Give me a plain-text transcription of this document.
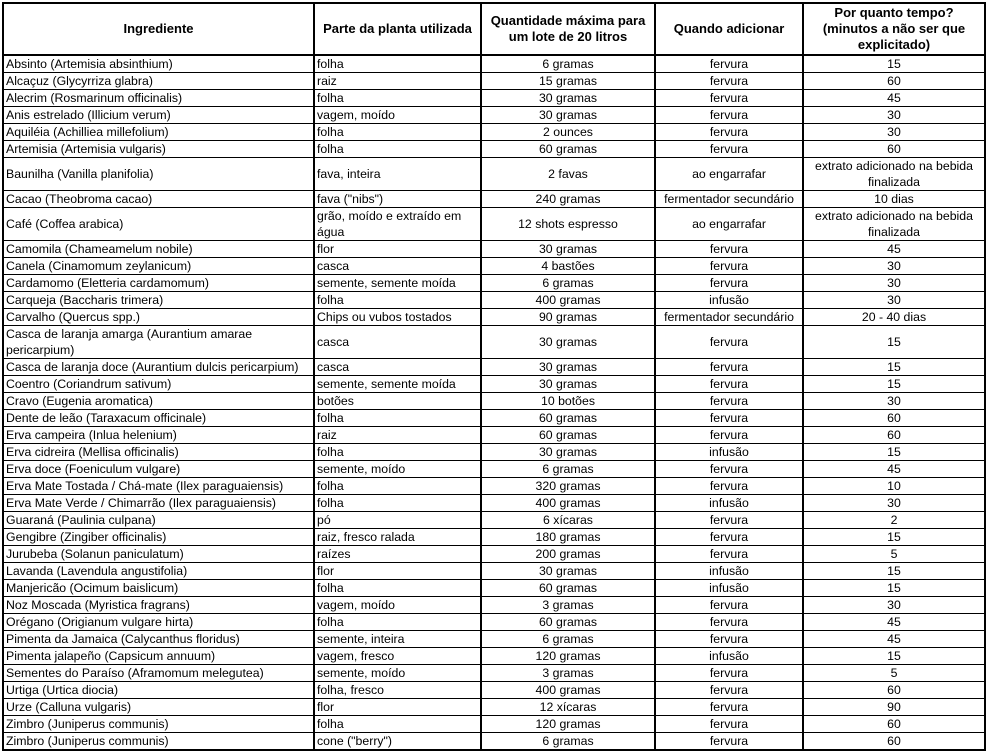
Ingrediente	Parte da planta utilizada	Quantidade máxima para um lote de 20 litros	Quando adicionar	Por quanto tempo? (minutos a não ser que explicitado)
Absinto (Artemisia absinthium)	folha	6 gramas	fervura	15
Alcaçuz (Glycyrriza glabra)	raiz	15 gramas	fervura	60
Alecrim (Rosmarinum officinalis)	folha	30 gramas	fervura	45
Anis estrelado (Illicium verum)	vagem, moído	30 gramas	fervura	30
Aquiléia (Achilliea millefolium)	folha	2 ounces	fervura	30
Artemisia (Artemisia vulgaris)	folha	60 gramas	fervura	60
Baunilha (Vanilla planifolia)	fava, inteira	2 favas	ao engarrafar	extrato adicionado na bebida finalizada
Cacao (Theobroma cacao)	fava ("nibs")	240 gramas	fermentador secundário	10 dias
Café (Coffea arabica)	grão, moído e extraído em água	12 shots espresso	ao engarrafar	extrato adicionado na bebida finalizada
Camomila (Chameamelum nobile)	flor	30 gramas	fervura	45
Canela (Cinamomum zeylanicum)	casca	4 bastões	fervura	30
Cardamomo (Eletteria cardamomum)	semente, semente moída	6 gramas	fervura	30
Carqueja (Baccharis trimera)	folha	400 gramas	infusão	30
Carvalho (Quercus spp.)	Chips ou vubos tostados	90 gramas	fermentador secundário	20 - 40 dias
Casca de laranja amarga (Aurantium amarae pericarpium)	casca	30 gramas	fervura	15
Casca de laranja doce (Aurantium dulcis pericarpium)	casca	30 gramas	fervura	15
Coentro (Coriandrum sativum)	semente, semente moída	30 gramas	fervura	15
Cravo (Eugenia aromatica)	botões	10 botões	fervura	30
Dente de leão (Taraxacum officinale)	folha	60 gramas	fervura	60
Erva campeira (Inlua helenium)	raiz	60 gramas	fervura	60
Erva cidreira (Mellisa officinalis)	folha	30 gramas	infusão	15
Erva doce (Foeniculum vulgare)	semente, moído	6 gramas	fervura	45
Erva Mate Tostada / Chá-mate (Ilex paraguaiensis)	folha	320 gramas	fervura	10
Erva Mate Verde / Chimarrão (Ilex paraguaiensis)	folha	400 gramas	infusão	30
Guaraná (Paulinia culpana)	pó	6 xícaras	fervura	2
Gengibre (Zingiber officinalis)	raiz, fresco ralada	180 gramas	fervura	15
Jurubeba (Solanun paniculatum)	raízes	200 gramas	fervura	5
Lavanda (Lavendula angustifolia)	flor	30 gramas	infusão	15
Manjericão (Ocimum baislicum)	folha	60 gramas	infusão	15
Noz Moscada (Myristica fragrans)	vagem, moído	3 gramas	fervura	30
Orégano (Origianum vulgare hirta)	folha	60 gramas	fervura	45
Pimenta da Jamaica (Calycanthus floridus)	semente, inteira	6 gramas	fervura	45
Pimenta jalapeño (Capsicum annuum)	vagem, fresco	120 gramas	infusão	15
Sementes do Paraíso (Aframomum melegutea)	semente, moído	3 gramas	fervura	5
Urtiga (Urtica diocia)	folha, fresco	400 gramas	fervura	60
Urze (Calluna vulgaris)	flor	12 xícaras	fervura	90
Zimbro (Juniperus communis)	folha	120 gramas	fervura	60
Zimbro (Juniperus communis)	cone ("berry")	6 gramas	fervura	60
